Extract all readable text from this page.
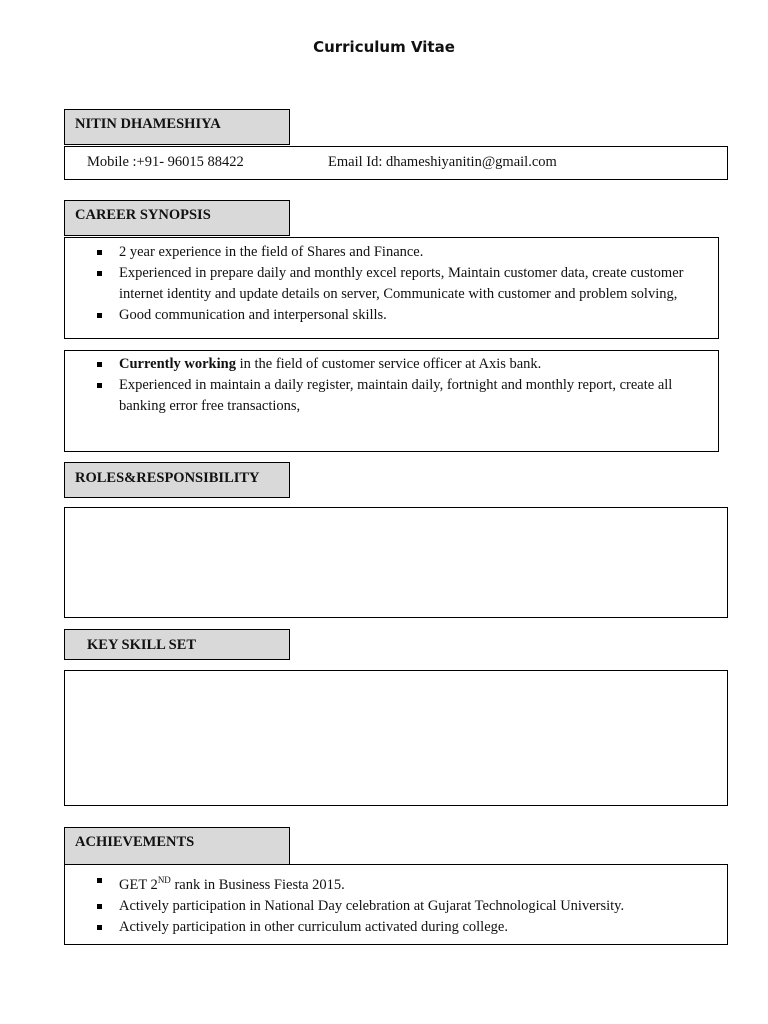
Curriculum Vitae
NITIN DHAMESHIYA
Mobile :+91- 96015 88422	Email Id: dhameshiyanitin@gmail.com
CAREER SYNOPSIS
2 year experience in the field of Shares and Finance.
Experienced in prepare daily and monthly excel reports, Maintain customer data, create customer internet identity and update details on server, Communicate with customer and problem solving,
Good communication and interpersonal skills.
Currently working in the field of customer service officer at Axis bank.
Experienced in maintain a daily register, maintain daily, fortnight and monthly report, create all banking error free transactions,
ROLES&RESPONSIBILITY
KEY SKILL SET
ACHIEVEMENTS
GET 2ND rank in Business Fiesta 2015.
Actively participation in National Day celebration at Gujarat Technological University.
Actively participation in other curriculum activated during college.
